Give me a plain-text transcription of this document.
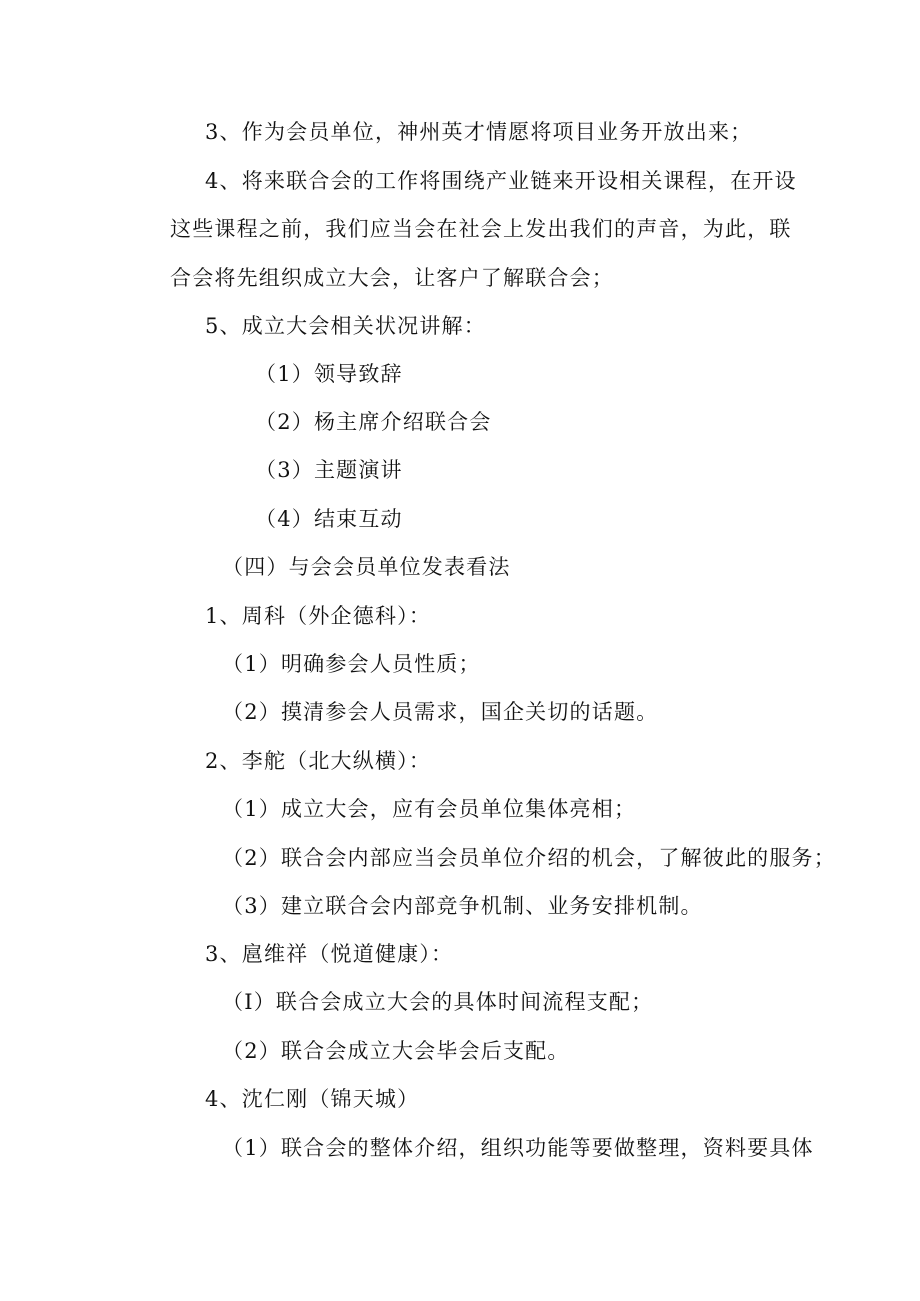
3、作为会员单位，神州英才情愿将项目业务开放出来；
4、将来联合会的工作将围绕产业链来开设相关课程，在开设
这些课程之前，我们应当会在社会上发出我们的声音，为此，联
合会将先组织成立大会，让客户了解联合会；
5、成立大会相关状况讲解：
（1）领导致辞
（2）杨主席介绍联合会
（3）主题演讲
（4）结束互动
（四）与会会员单位发表看法
1、周科（外企德科）：
（1）明确参会人员性质；
（2）摸清参会人员需求，国企关切的话题。
2、李舵（北大纵横）：
（1）成立大会，应有会员单位集体亮相；
（2）联合会内部应当会员单位介绍的机会，了解彼此的服务；
（3）建立联合会内部竞争机制、业务安排机制。
3、扈维祥（悦道健康）：
（I）联合会成立大会的具体时间流程支配；
（2）联合会成立大会毕会后支配。
4、沈仁刚（锦天城）
（1）联合会的整体介绍，组织功能等要做整理，资料要具体
